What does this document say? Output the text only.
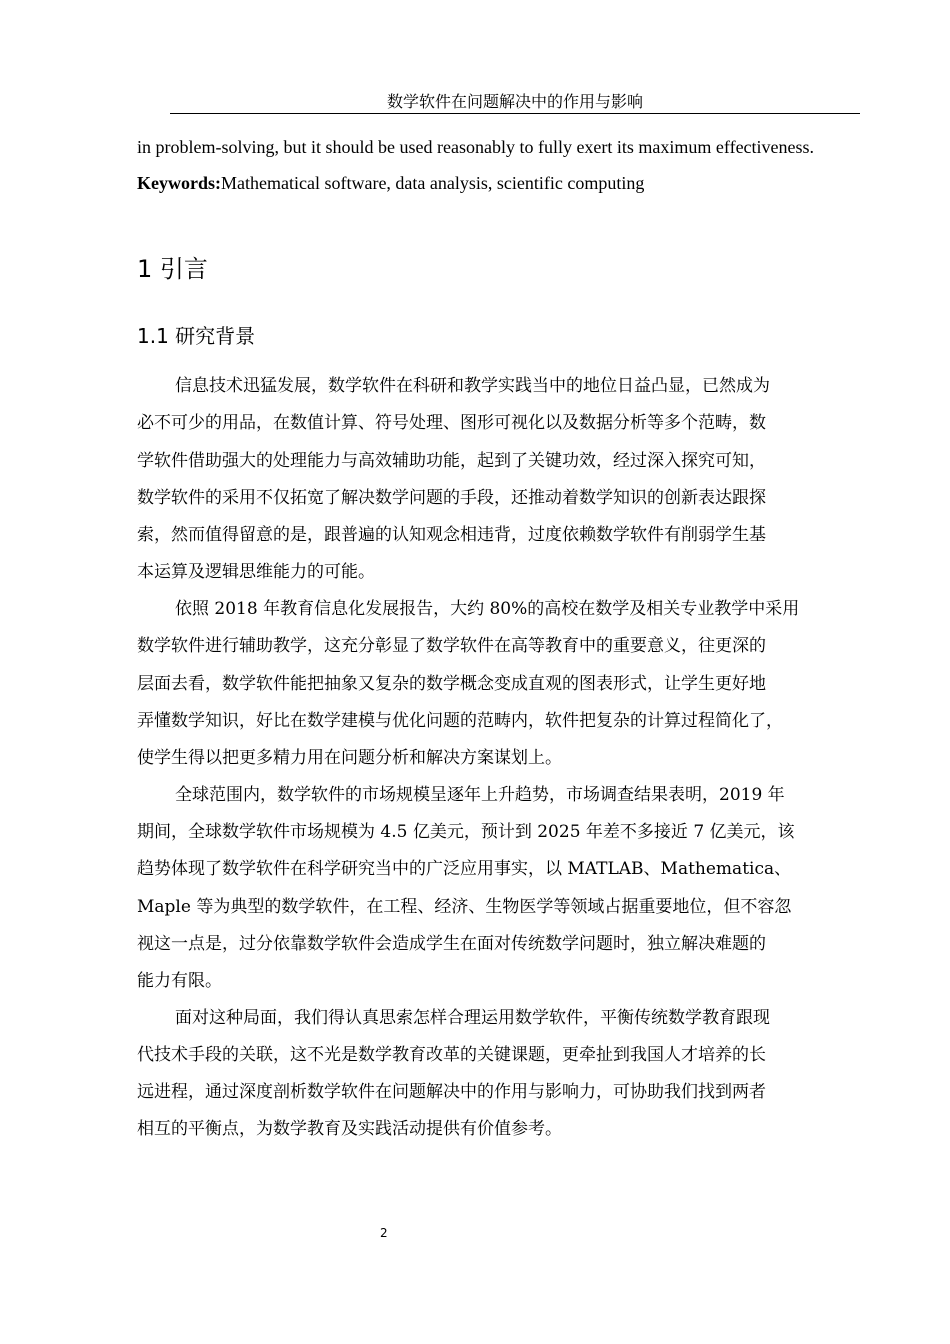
数学软件在问题解决中的作用与影响
in problem-solving, but it should be used reasonably to fully exert its maximum effectiveness.
Keywords:Mathematical software, data analysis, scientific computing
1 引言
1.1 研究背景
信息技术迅猛发展，数学软件在科研和教学实践当中的地位日益凸显，已然成为
必不可少的用品，在数值计算、符号处理、图形可视化以及数据分析等多个范畴，数
学软件借助强大的处理能力与高效辅助功能，起到了关键功效，经过深入探究可知，
数学软件的采用不仅拓宽了解决数学问题的手段，还推动着数学知识的创新表达跟探
索，然而值得留意的是，跟普遍的认知观念相违背，过度依赖数学软件有削弱学生基
本运算及逻辑思维能力的可能。
依照 2018 年教育信息化发展报告，大约 80%的高校在数学及相关专业教学中采用
数学软件进行辅助教学，这充分彰显了数学软件在高等教育中的重要意义，往更深的
层面去看，数学软件能把抽象又复杂的数学概念变成直观的图表形式，让学生更好地
弄懂数学知识，好比在数学建模与优化问题的范畴内，软件把复杂的计算过程简化了，
使学生得以把更多精力用在问题分析和解决方案谋划上。
全球范围内，数学软件的市场规模呈逐年上升趋势，市场调查结果表明，2019 年
期间，全球数学软件市场规模为 4.5 亿美元，预计到 2025 年差不多接近 7 亿美元，该
趋势体现了数学软件在科学研究当中的广泛应用事实，以 MATLAB、Mathematica、
Maple 等为典型的数学软件，在工程、经济、生物医学等领域占据重要地位，但不容忽
视这一点是，过分依靠数学软件会造成学生在面对传统数学问题时，独立解决难题的
能力有限。
面对这种局面，我们得认真思索怎样合理运用数学软件，平衡传统数学教育跟现
代技术手段的关联，这不光是数学教育改革的关键课题，更牵扯到我国人才培养的长
远进程，通过深度剖析数学软件在问题解决中的作用与影响力，可协助我们找到两者
相互的平衡点，为数学教育及实践活动提供有价值参考。
2
